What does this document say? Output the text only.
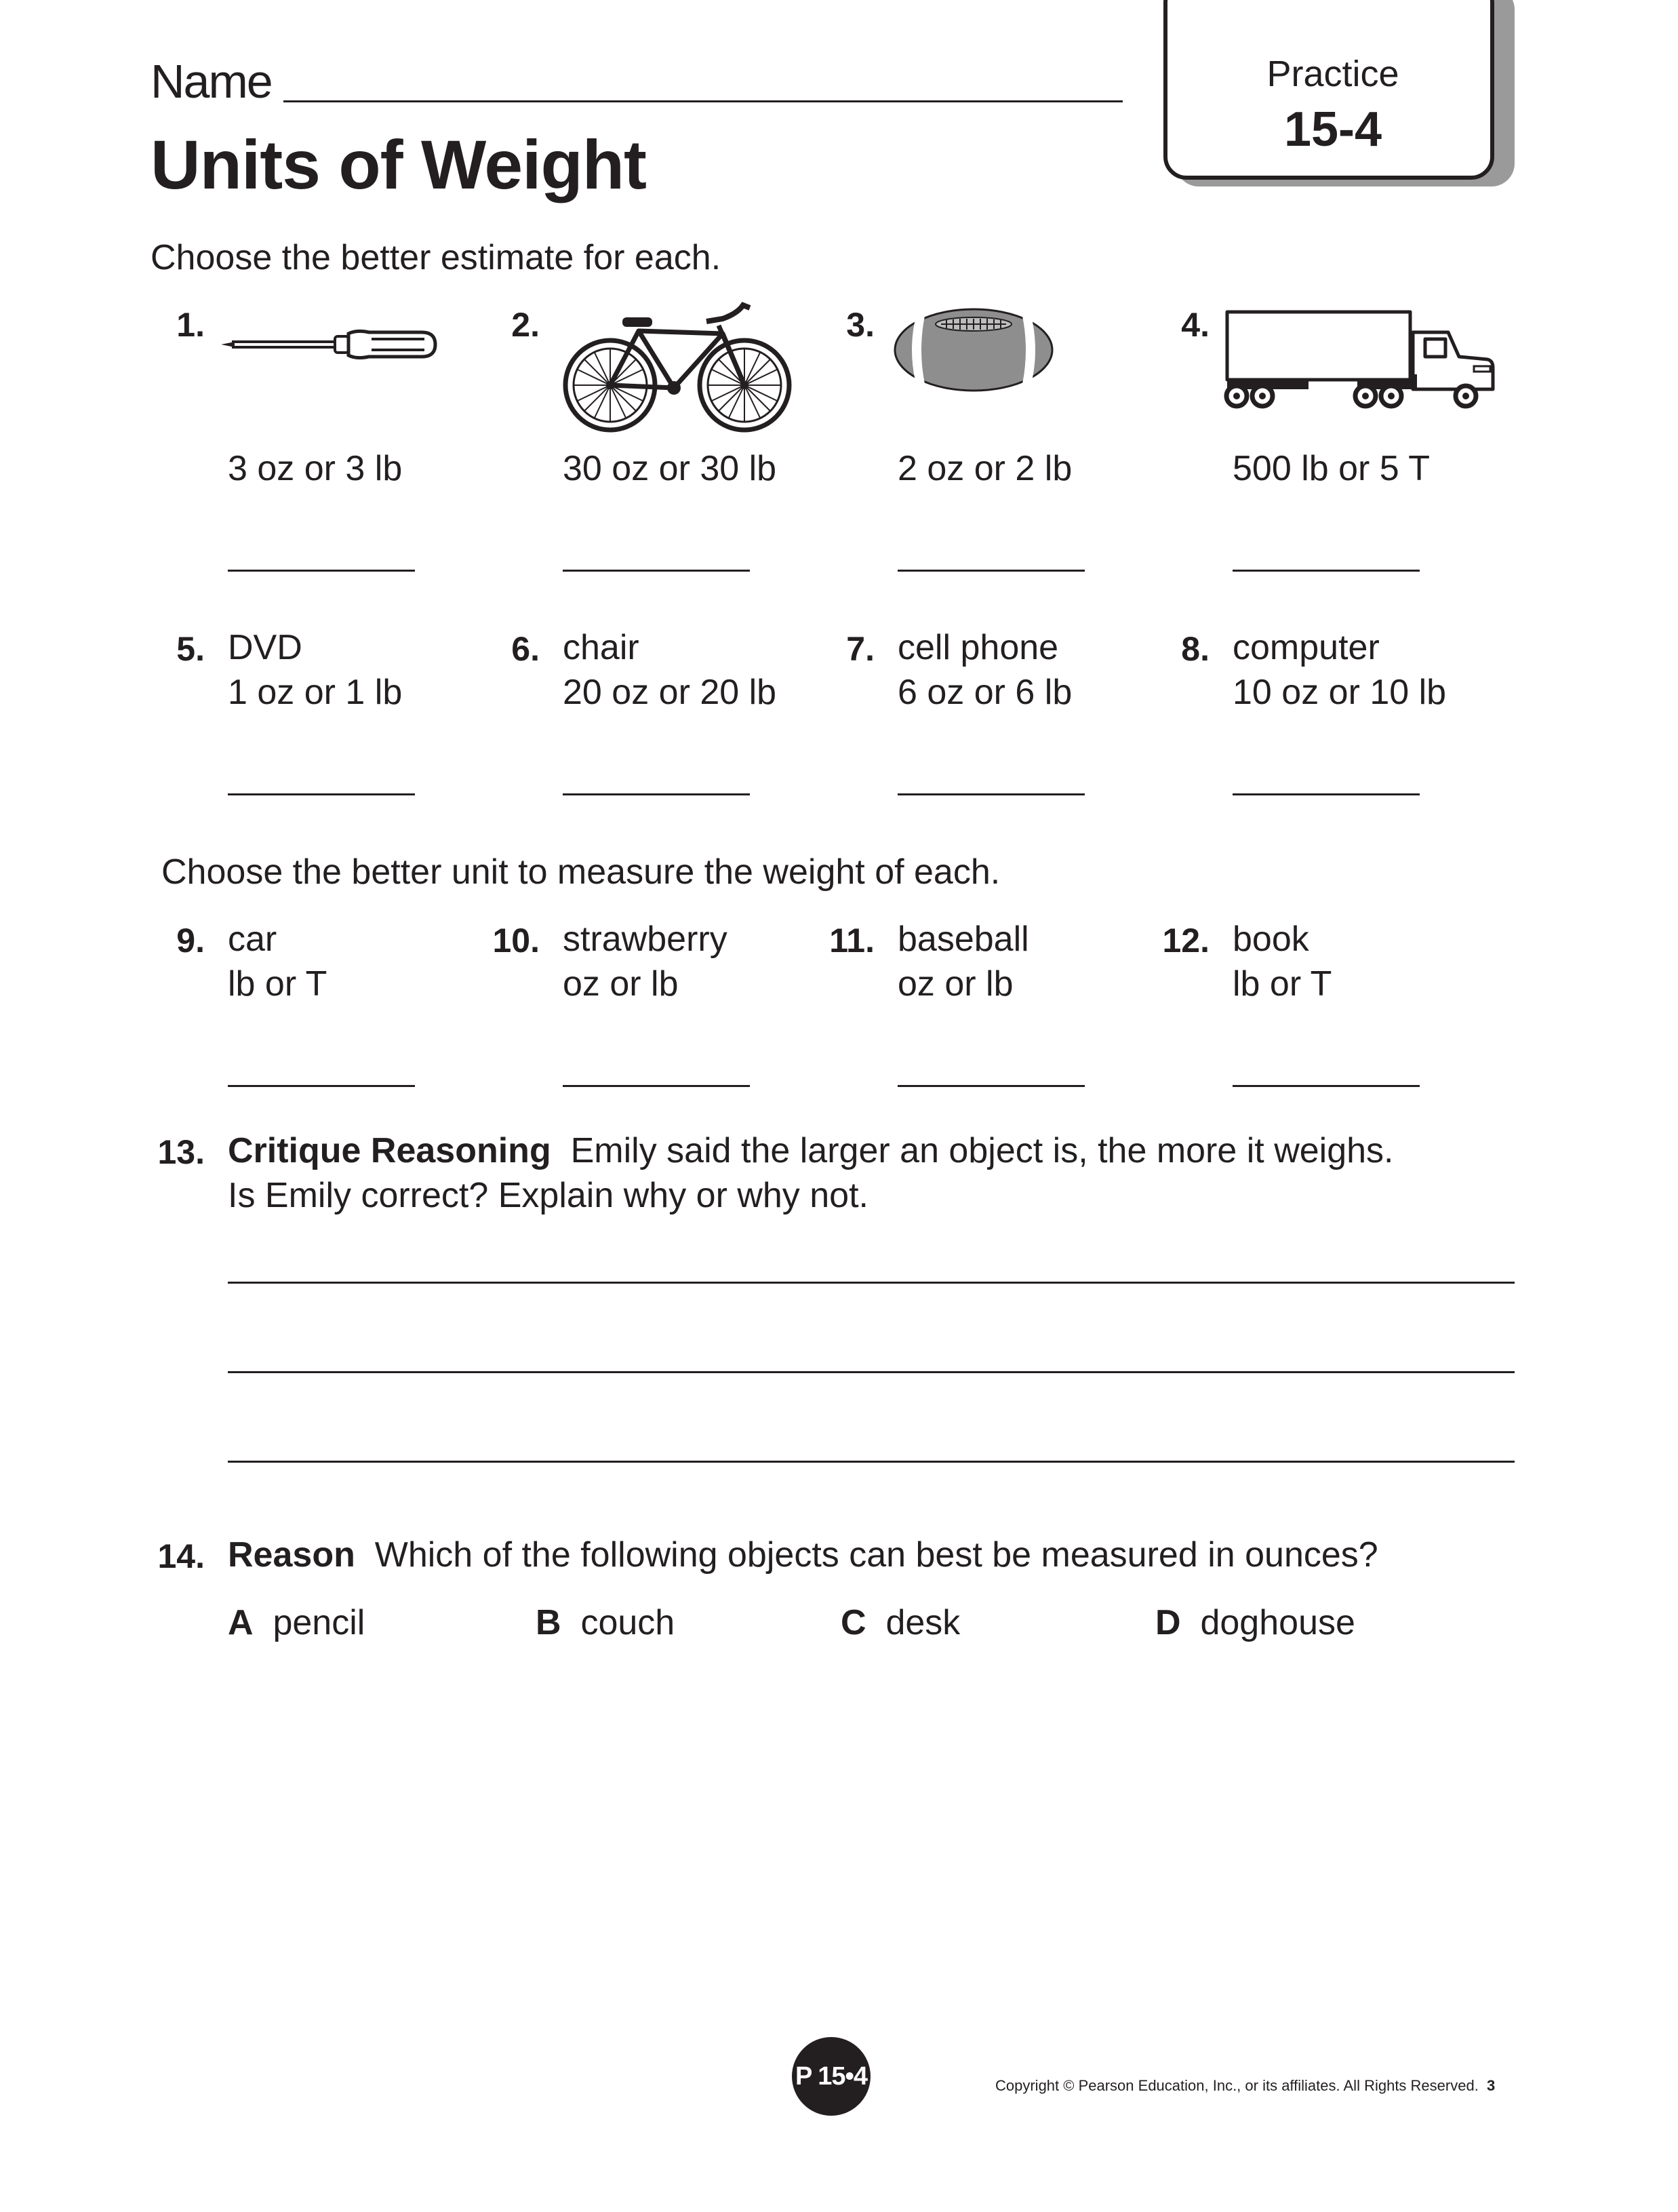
Name
Units of Weight
Practice
15-4
Choose the better estimate for each.
1.	2.	3.	4.
3 oz or 3 lb	30 oz or 30 lb	2 oz or 2 lb	500 lb or 5 T
5. DVD
1 oz or 1 lb
6. chair
20 oz or 20 lb
7. cell phone
6 oz or 6 lb
8. computer
10 oz or 10 lb
Choose the better unit to measure the weight of each.
9. car
lb or T
10. strawberry
oz or lb
11. baseball
oz or lb
12. book
lb or T
13. Critique Reasoning Emily said the larger an object is, the more it weighs.
Is Emily correct? Explain why or why not.
14. Reason Which of the following objects can best be measured in ounces?
A pencil	B couch	C desk	D doghouse
P 15•4	Copyright © Pearson Education, Inc., or its affiliates. All Rights Reserved. 3
